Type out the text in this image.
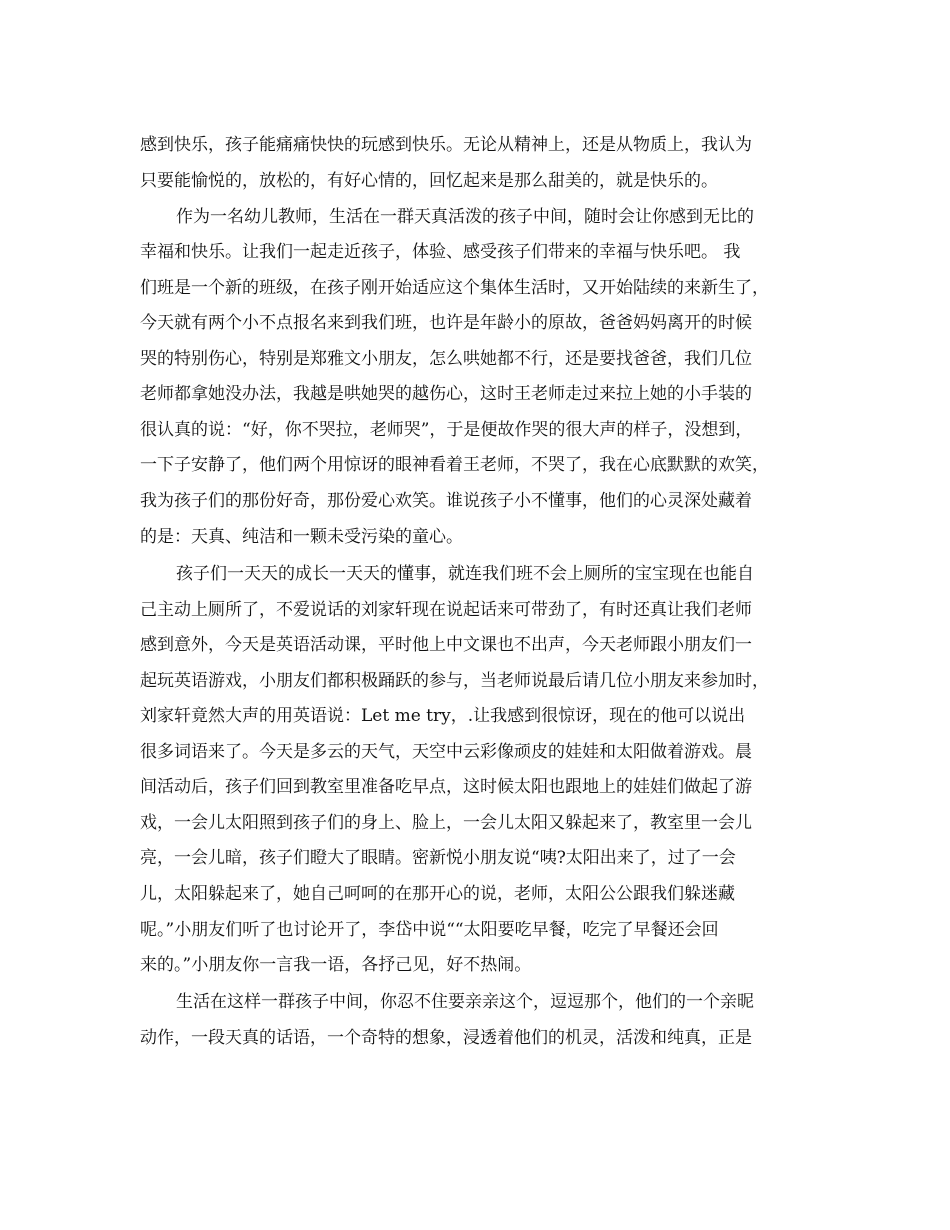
感到快乐，孩子能痛痛快快的玩感到快乐。无论从精神上，还是从物质上，我认为
只要能愉悦的，放松的，有好心情的，回忆起来是那么甜美的，就是快乐的。
作为一名幼儿教师，生活在一群天真活泼的孩子中间，随时会让你感到无比的
幸福和快乐。让我们一起走近孩子，体验、感受孩子们带来的幸福与快乐吧。 我
们班是一个新的班级，在孩子刚开始适应这个集体生活时，又开始陆续的来新生了，
今天就有两个小不点报名来到我们班，也许是年龄小的原故，爸爸妈妈离开的时候
哭的特别伤心，特别是郑雅文小朋友，怎么哄她都不行，还是要找爸爸，我们几位
老师都拿她没办法，我越是哄她哭的越伤心，这时王老师走过来拉上她的小手装的
很认真的说：“好，你不哭拉，老师哭”，于是便故作哭的很大声的样子，没想到，
一下子安静了，他们两个用惊讶的眼神看着王老师，不哭了，我在心底默默的欢笑，
我为孩子们的那份好奇，那份爱心欢笑。谁说孩子小不懂事，他们的心灵深处藏着
的是：天真、纯洁和一颗未受污染的童心。
孩子们一天天的成长一天天的懂事，就连我们班不会上厕所的宝宝现在也能自
己主动上厕所了，不爱说话的刘家轩现在说起话来可带劲了，有时还真让我们老师
感到意外，今天是英语活动课，平时他上中文课也不出声，今天老师跟小朋友们一
起玩英语游戏，小朋友们都积极踊跃的参与，当老师说最后请几位小朋友来参加时，
刘家轩竟然大声的用英语说：Let me try，.让我感到很惊讶，现在的他可以说出
很多词语来了。今天是多云的天气，天空中云彩像顽皮的娃娃和太阳做着游戏。晨
间活动后，孩子们回到教室里准备吃早点，这时候太阳也跟地上的娃娃们做起了游
戏，一会儿太阳照到孩子们的身上、脸上，一会儿太阳又躲起来了，教室里一会儿
亮，一会儿暗，孩子们瞪大了眼睛。密新悦小朋友说“咦?太阳出来了，过了一会
儿，太阳躲起来了，她自己呵呵的在那开心的说，老师，太阳公公跟我们躲迷藏
呢。”小朋友们听了也讨论开了，李岱中说““太阳要吃早餐，吃完了早餐还会回
来的。”小朋友你一言我一语，各抒己见，好不热闹。
生活在这样一群孩子中间，你忍不住要亲亲这个，逗逗那个，他们的一个亲昵
动作，一段天真的话语，一个奇特的想象，浸透着他们的机灵，活泼和纯真，正是
